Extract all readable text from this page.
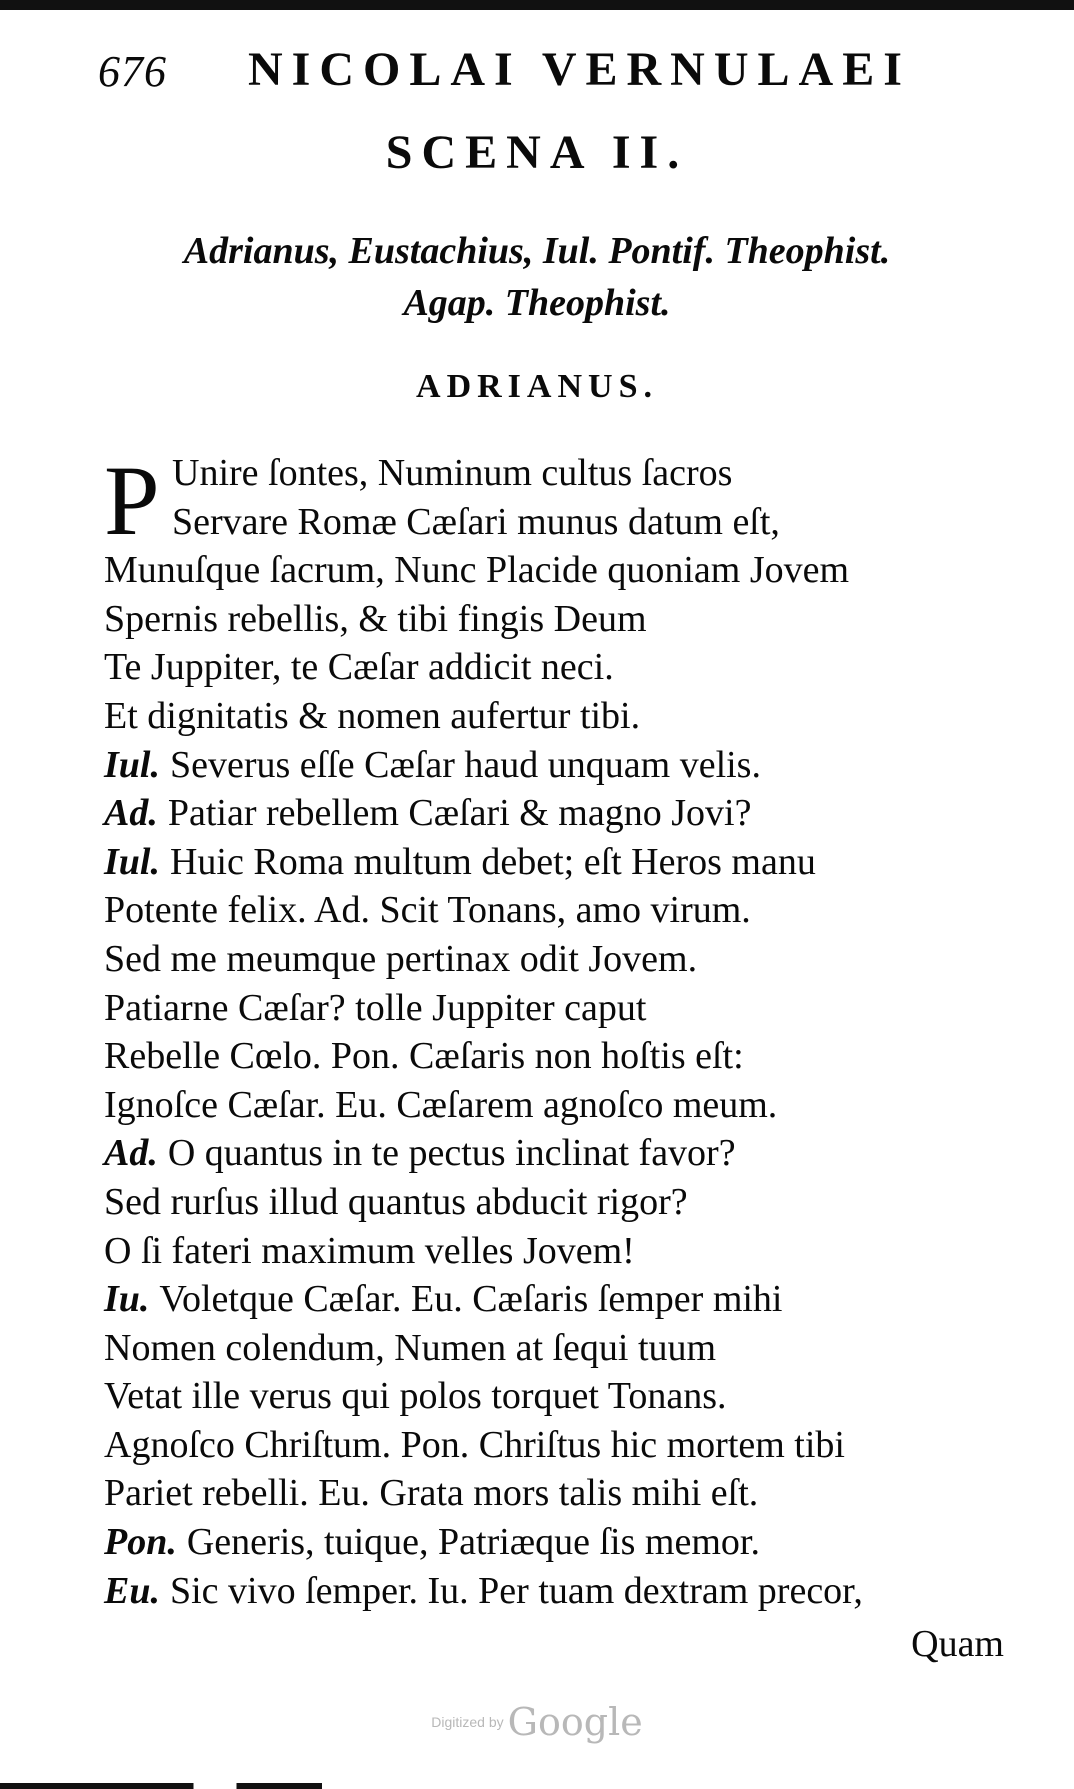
676 NICOLAI VERNULAEI
SCENA II.
Adrianus, Eustachius, Iul. Pontif. Theophist.
Agap. Theophist.
ADRIANUS.
P Unire ſontes, Numinum cultus ſacros
Servare Romæ Cæſari munus datum eſt,
Munuſque ſacrum, Nunc Placide quoniam Jovem
Spernis rebellis, & tibi fingis Deum
Te Juppiter, te Cæſar addicit neci.
Et dignitatis & nomen aufertur tibi.
Iul. Severus eſſe Cæſar haud unquam velis.
Ad. Patiar rebellem Cæſari & magno Jovi?
Iul. Huic Roma multum debet; eſt Heros manu
Potente felix. Ad. Scit Tonans, amo virum.
Sed me meumque pertinax odit Jovem.
Patiarne Cæſar? tolle Juppiter caput
Rebelle Cœlo. Pon. Cæſaris non hoſtis eſt:
Ignoſce Cæſar. Eu. Cæſarem agnoſco meum.
Ad. O quantus in te pectus inclinat favor?
Sed rurſus illud quantus abducit rigor?
O ſi fateri maximum velles Jovem!
Iu. Voletque Cæſar. Eu. Cæſaris ſemper mihi
Nomen colendum, Numen at ſequi tuum
Vetat ille verus qui polos torquet Tonans.
Agnoſco Chriſtum. Pon. Chriſtus hic mortem tibi
Pariet rebelli. Eu. Grata mors talis mihi eſt.
Pon. Generis, tuique, Patriæque ſis memor.
Eu. Sic vivo ſemper. Iu. Per tuam dextram precor,
Quam
Digitized by Google
